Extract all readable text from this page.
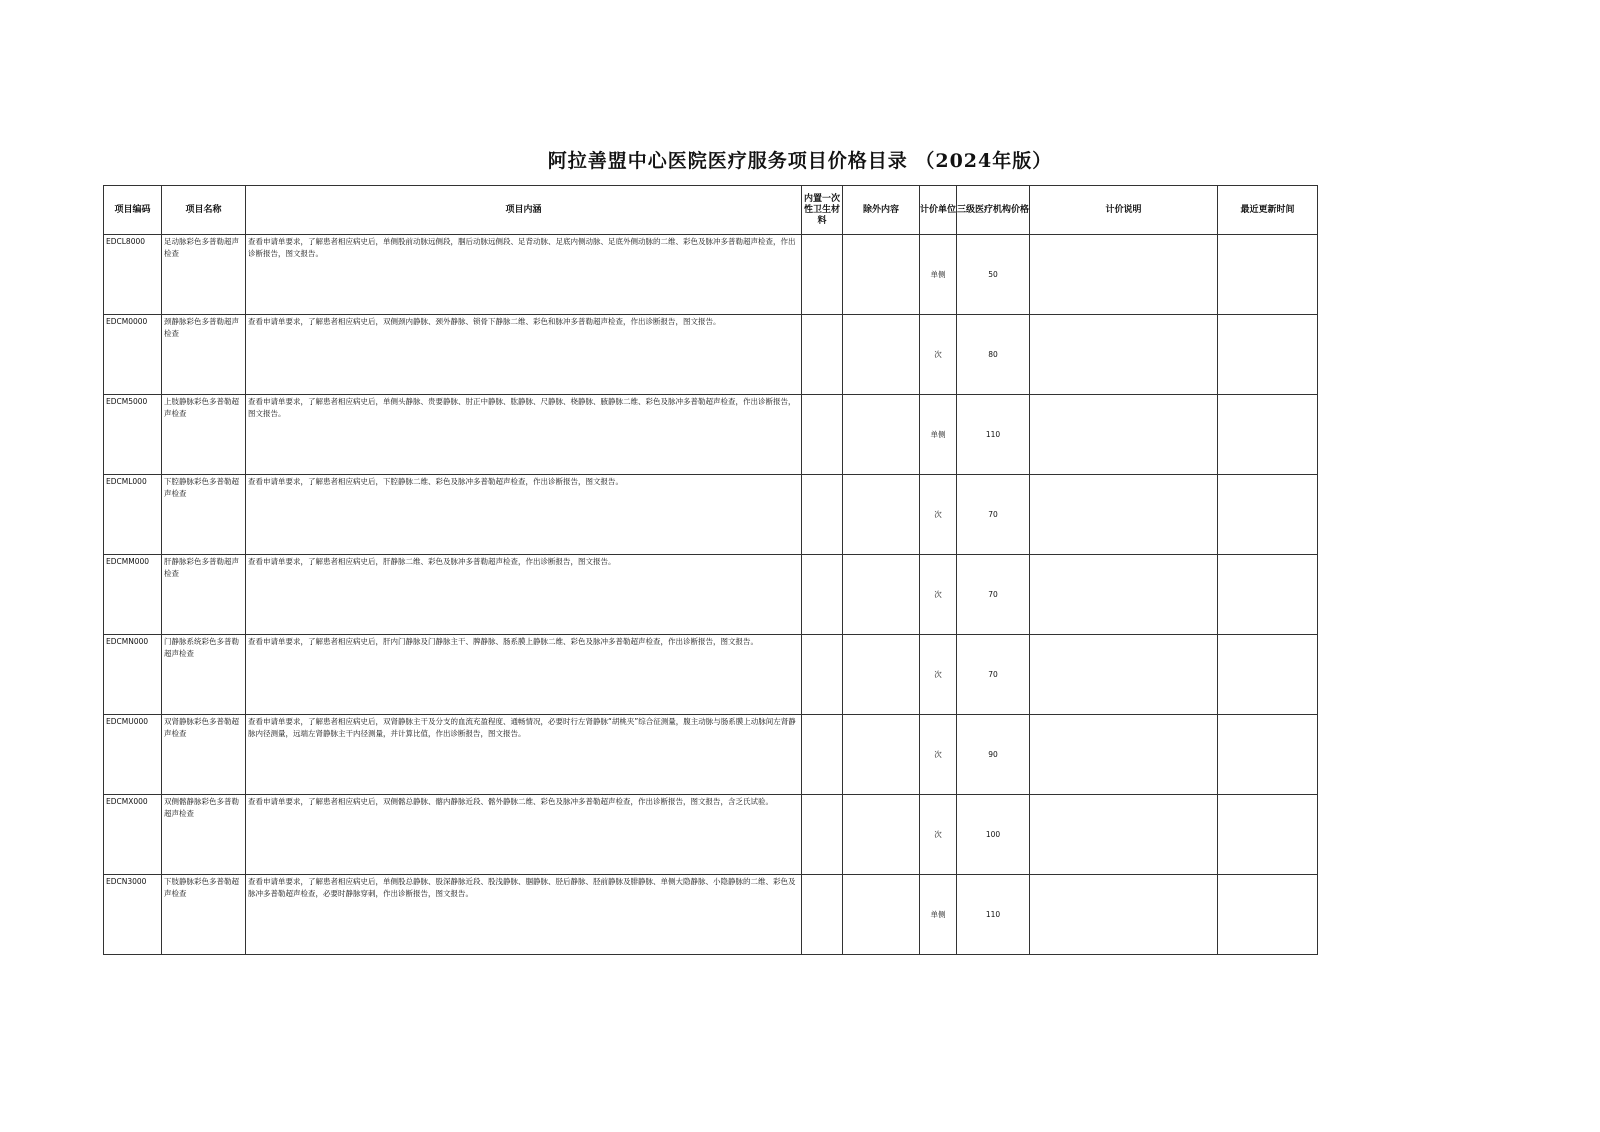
阿拉善盟中心医院医疗服务项目价格目录 （2024年版）
项目编码	项目名称	项目内涵	内置一次性卫生材料	除外内容	计价单位	三级医疗机构价格	计价说明	最近更新时间
EDCL8000	足动脉彩色多普勒超声检查	查看申请单要求，了解患者相应病史后，单侧股前动脉远侧段，腘后动脉远侧段、足背动脉、足底内侧动脉、足底外侧动脉的二维、彩色及脉冲多普勒超声检查，作出诊断报告，图文报告。			单侧	50		
EDCM0000	颈静脉彩色多普勒超声检查	查看申请单要求，了解患者相应病史后，双侧颈内静脉、颈外静脉、锁骨下静脉二维、彩色和脉冲多普勒超声检查，作出诊断报告，图文报告。			次	80		
EDCM5000	上肢静脉彩色多普勒超声检查	查看申请单要求，了解患者相应病史后，单侧头静脉、贵要静脉、肘正中静脉、肱静脉、尺静脉、桡静脉、腋静脉二维、彩色及脉冲多普勒超声检查，作出诊断报告，图文报告。			单侧	110		
EDCML000	下腔静脉彩色多普勒超声检查	查看申请单要求，了解患者相应病史后，下腔静脉二维、彩色及脉冲多普勒超声检查，作出诊断报告，图文报告。			次	70		
EDCMM000	肝静脉彩色多普勒超声检查	查看申请单要求，了解患者相应病史后，肝静脉二维、彩色及脉冲多普勒超声检查，作出诊断报告，图文报告。			次	70		
EDCMN000	门静脉系统彩色多普勒超声检查	查看申请单要求，了解患者相应病史后，肝内门静脉及门静脉主干、脾静脉、肠系膜上静脉二维、彩色及脉冲多普勒超声检查，作出诊断报告，图文报告。			次	70		
EDCMU000	双肾静脉彩色多普勒超声检查	查看申请单要求，了解患者相应病史后，双肾静脉主干及分支的血流充盈程度、通畅情况，必要时行左肾静脉“胡桃夹”综合征测量，腹主动脉与肠系膜上动脉间左肾静脉内径测量，远端左肾静脉主干内径测量，并计算比值，作出诊断报告，图文报告。			次	90		
EDCMX000	双侧髂静脉彩色多普勒超声检查	查看申请单要求，了解患者相应病史后，双侧髂总静脉、髂内静脉近段、髂外静脉二维、彩色及脉冲多普勒超声检查，作出诊断报告，图文报告，含乏氏试验。			次	100		
EDCN3000	下肢静脉彩色多普勒超声检查	查看申请单要求，了解患者相应病史后，单侧股总静脉、股深静脉近段、股浅静脉、腘静脉、胫后静脉、胫前静脉及腓静脉、单侧大隐静脉、小隐静脉的二维、彩色及脉冲多普勒超声检查，必要时静脉穿刺，作出诊断报告，图文报告。			单侧	110		
